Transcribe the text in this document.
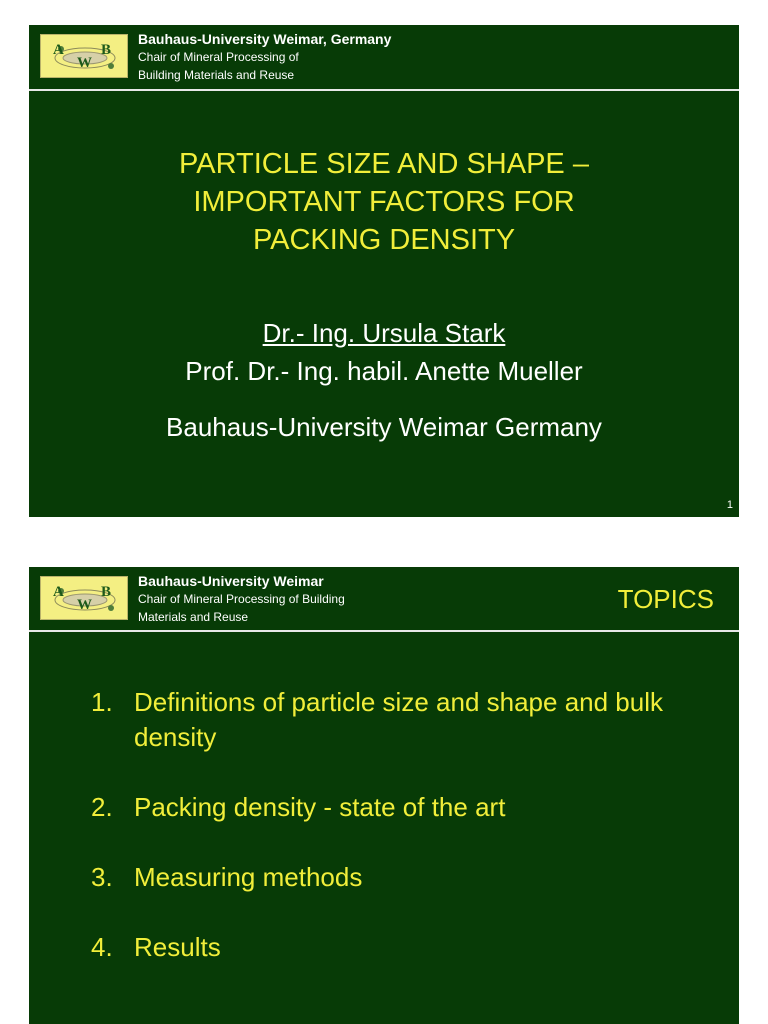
A
W
B
Bauhaus-University Weimar, Germany
Chair of Mineral Processing of
Building Materials and Reuse
PARTICLE SIZE AND SHAPE –
IMPORTANT FACTORS FOR
PACKING DENSITY
Dr.- Ing. Ursula Stark
Prof. Dr.- Ing. habil. Anette Mueller
Bauhaus-University Weimar Germany
1
A
W
B
Bauhaus-University Weimar
Chair of Mineral Processing of Building
Materials and Reuse
TOPICS
1. Definitions of particle size and shape and bulk density
2. Packing density - state of the art
3. Measuring methods
4. Results
